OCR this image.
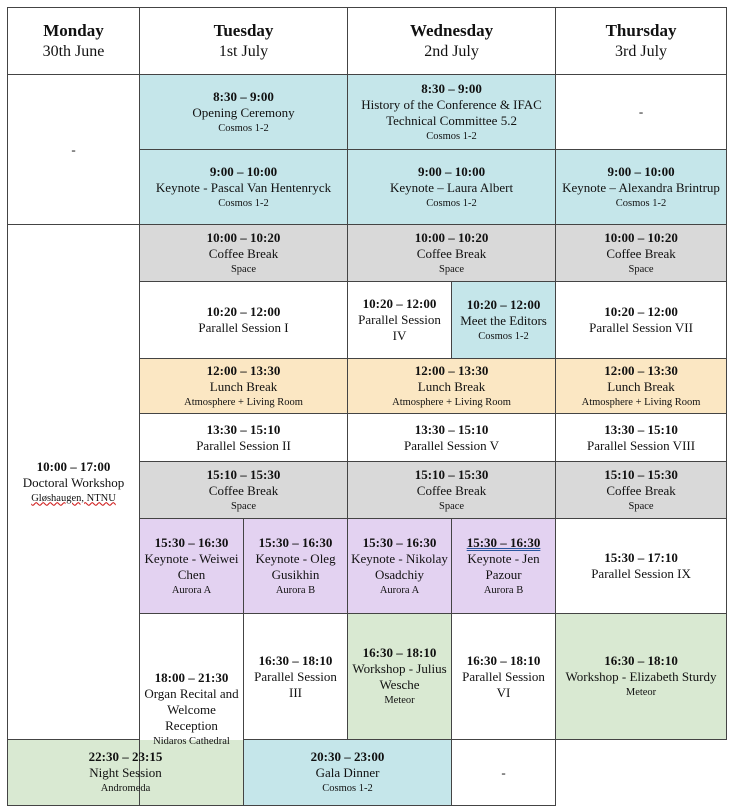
Monday
30th June	Tuesday
1st July		Wednesday
2nd July		Thursday
3rd July	
-	8:30 – 9:00
Opening Ceremony
Cosmos 1-2		8:30 – 9:00
History of the Conference & IFAC Technical Committee 5.2
Cosmos 1-2		-	

	9:00 – 10:00
Keynote - Pascal Van Hentenryck
Cosmos 1-2		9:00 – 10:00
Keynote – Laura Albert
Cosmos 1-2		9:00 – 10:00
Keynote – Alexandra Brintrup
Cosmos 1-2	

10:00 – 17:00
Doctoral Workshop
Gløshaugen, NTNU	10:00 – 10:20
Coffee Break
Space		10:00 – 10:20
Coffee Break
Space		10:00 – 10:20
Coffee Break
Space	

	10:20 – 12:00
Parallel Session I		10:20 – 12:00
Parallel Session IV	10:20 – 12:00
Meet the Editors
Cosmos 1-2	10:20 – 12:00
Parallel Session VII	

	12:00 – 13:30
Lunch Break
Atmosphere + Living Room		12:00 – 13:30
Lunch Break
Atmosphere + Living Room		12:00 – 13:30
Lunch Break
Atmosphere + Living Room	

	13:30 – 15:10
Parallel Session II		13:30 – 15:10
Parallel Session V		13:30 – 15:10
Parallel Session VIII	

	15:10 – 15:30
Coffee Break
Space		15:10 – 15:30
Coffee Break
Space		15:10 – 15:30
Coffee Break
Space	

	15:30 – 16:30
Keynote - Weiwei Chen
Aurora A	15:30 – 16:30
Keynote - Oleg Gusikhin
Aurora B	15:30 – 16:30
Keynote - Nikolay Osadchiy
Aurora A	15:30 – 16:30
Keynote - Jen Pazour
Aurora B	15:30 – 17:10
Parallel Session IX	

	18:00 – 21:30
Organ Recital and Welcome Reception
Nidaros Cathedral	16:30 – 18:10
Parallel Session III	16:30 – 18:10
Workshop - Julius Wesche
Meteor	16:30 – 18:10
Parallel Session VI	16:30 – 18:10
Workshop - Elizabeth Sturdy
Meteor

22:30 – 23:15
Night Session
Andromeda		20:30 – 23:00
Gala Dinner
Cosmos 1-2		-		
